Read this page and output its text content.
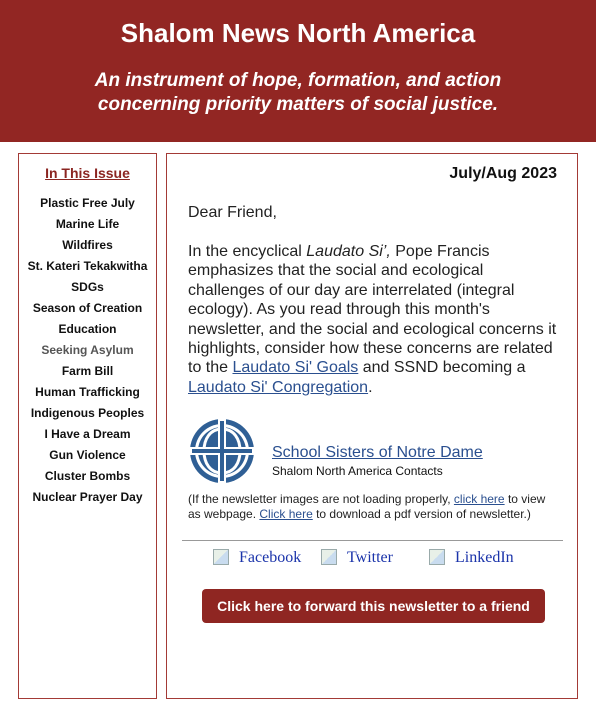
Shalom News North America
An instrument of hope, formation, and action
concerning priority matters of social justice.
In This Issue
Plastic Free July
Marine Life
Wildfires
St. Kateri Tekakwitha
SDGs
Season of Creation
Education
Seeking Asylum
Farm Bill
Human Trafficking
Indigenous Peoples
I Have a Dream
Gun Violence
Cluster Bombs
Nuclear Prayer Day
July/Aug 2023
Dear Friend,

In the encyclical Laudato Si’, Pope Francis emphasizes that the social and ecological challenges of our day are interrelated (integral ecology). As you read through this month's newsletter, and the social and ecological concerns it highlights, consider how these concerns are related to the Laudato Si' Goals and SSND becoming a Laudato Si' Congregation.

School Sisters of Notre Dame
Shalom North America Contacts

(If the newsletter images are not loading properly, click here to view as webpage. Click here to download a pdf version of newsletter.)

Facebook	Twitter	LinkedIn
Click here to forward this newsletter to a friend
